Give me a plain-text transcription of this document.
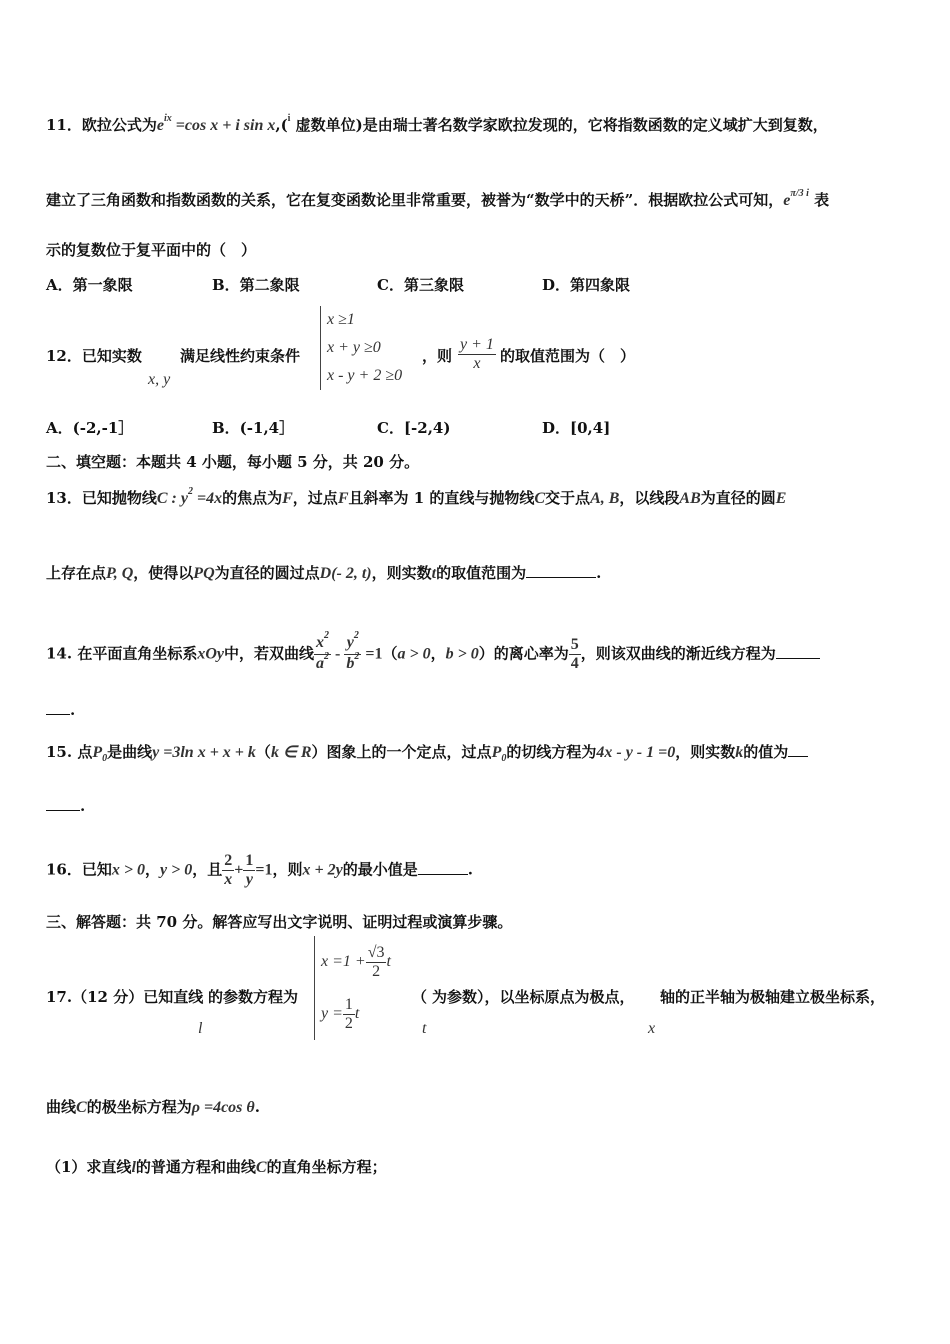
11．欧拉公式为$e^{ix} =\cos$ x + i sin x,($^i$ 虚数单位)是由瑞士著名数学家欧拉发现的，它将指数函数的定义域扩大到复数，
建立了三角函数和指数函数的关系，它在复变函数论里非常重要，被誉为“数学中的天桥”．根据欧拉公式可知，$e^{\pi/3 i}$ 表
示的复数位于复平面中的（　）
A．第一象限	B．第二象限	C．第三象限	D．第四象限
12．已知实数
x, y
满足线性约束条件
x ≥1
x + y ≥0
x - y + 2 ≥0
，则 $\frac{y + 1}{x}$ 的取值范围为（　）
A．(-2,-1］	B．(-1,4］	C．[-2,4)	D．[0,4]
二、填空题：本题共 4 小题，每小题 5 分，共 20 分。
13．已知抛物线C : $y^2 =4x$的焦点为F，过点F且斜率为 1 的直线与抛物线C交于点A, B，以线段AB为直径的圆E
上存在点P, Q，使得以PQ为直径的圆过点D(- 2, t)，则实数t的取值范围为	.
14. 在平面直角坐标系xOy中，若双曲线 $\frac{x^2}{a^2} - \frac{y^2}{b^2} =1(a > 0$，b > 0）的离心率为 $\frac{5}{4}$ ，则该双曲线的渐近线方程为
.
15. 点$P_0$是曲线y =3ln x + x + k（k ∈ R）图象上的一个定点，过点$P_0$的切线方程为4x - y - 1 =0，则实数k的值为
.
16．已知x > 0，y > 0，且 $\frac{2}{x} + \frac{1}{y} =1$，则x + 2y的最小值是	.
三、解答题：共 70 分。解答应写出文字说明、证明过程或演算步骤。
17.（12 分）已知直线
l
的参数方程为
$x =1 + \frac{√3}{2}$ t
$y = \frac{1}{2}$ t
（
t
为参数），以坐标原点为极点，
x
轴的正半轴为极轴建立极坐标系，
曲线C的极坐标方程为ρ =4cos θ.
（1）求直线l的普通方程和曲线C的直角坐标方程；
